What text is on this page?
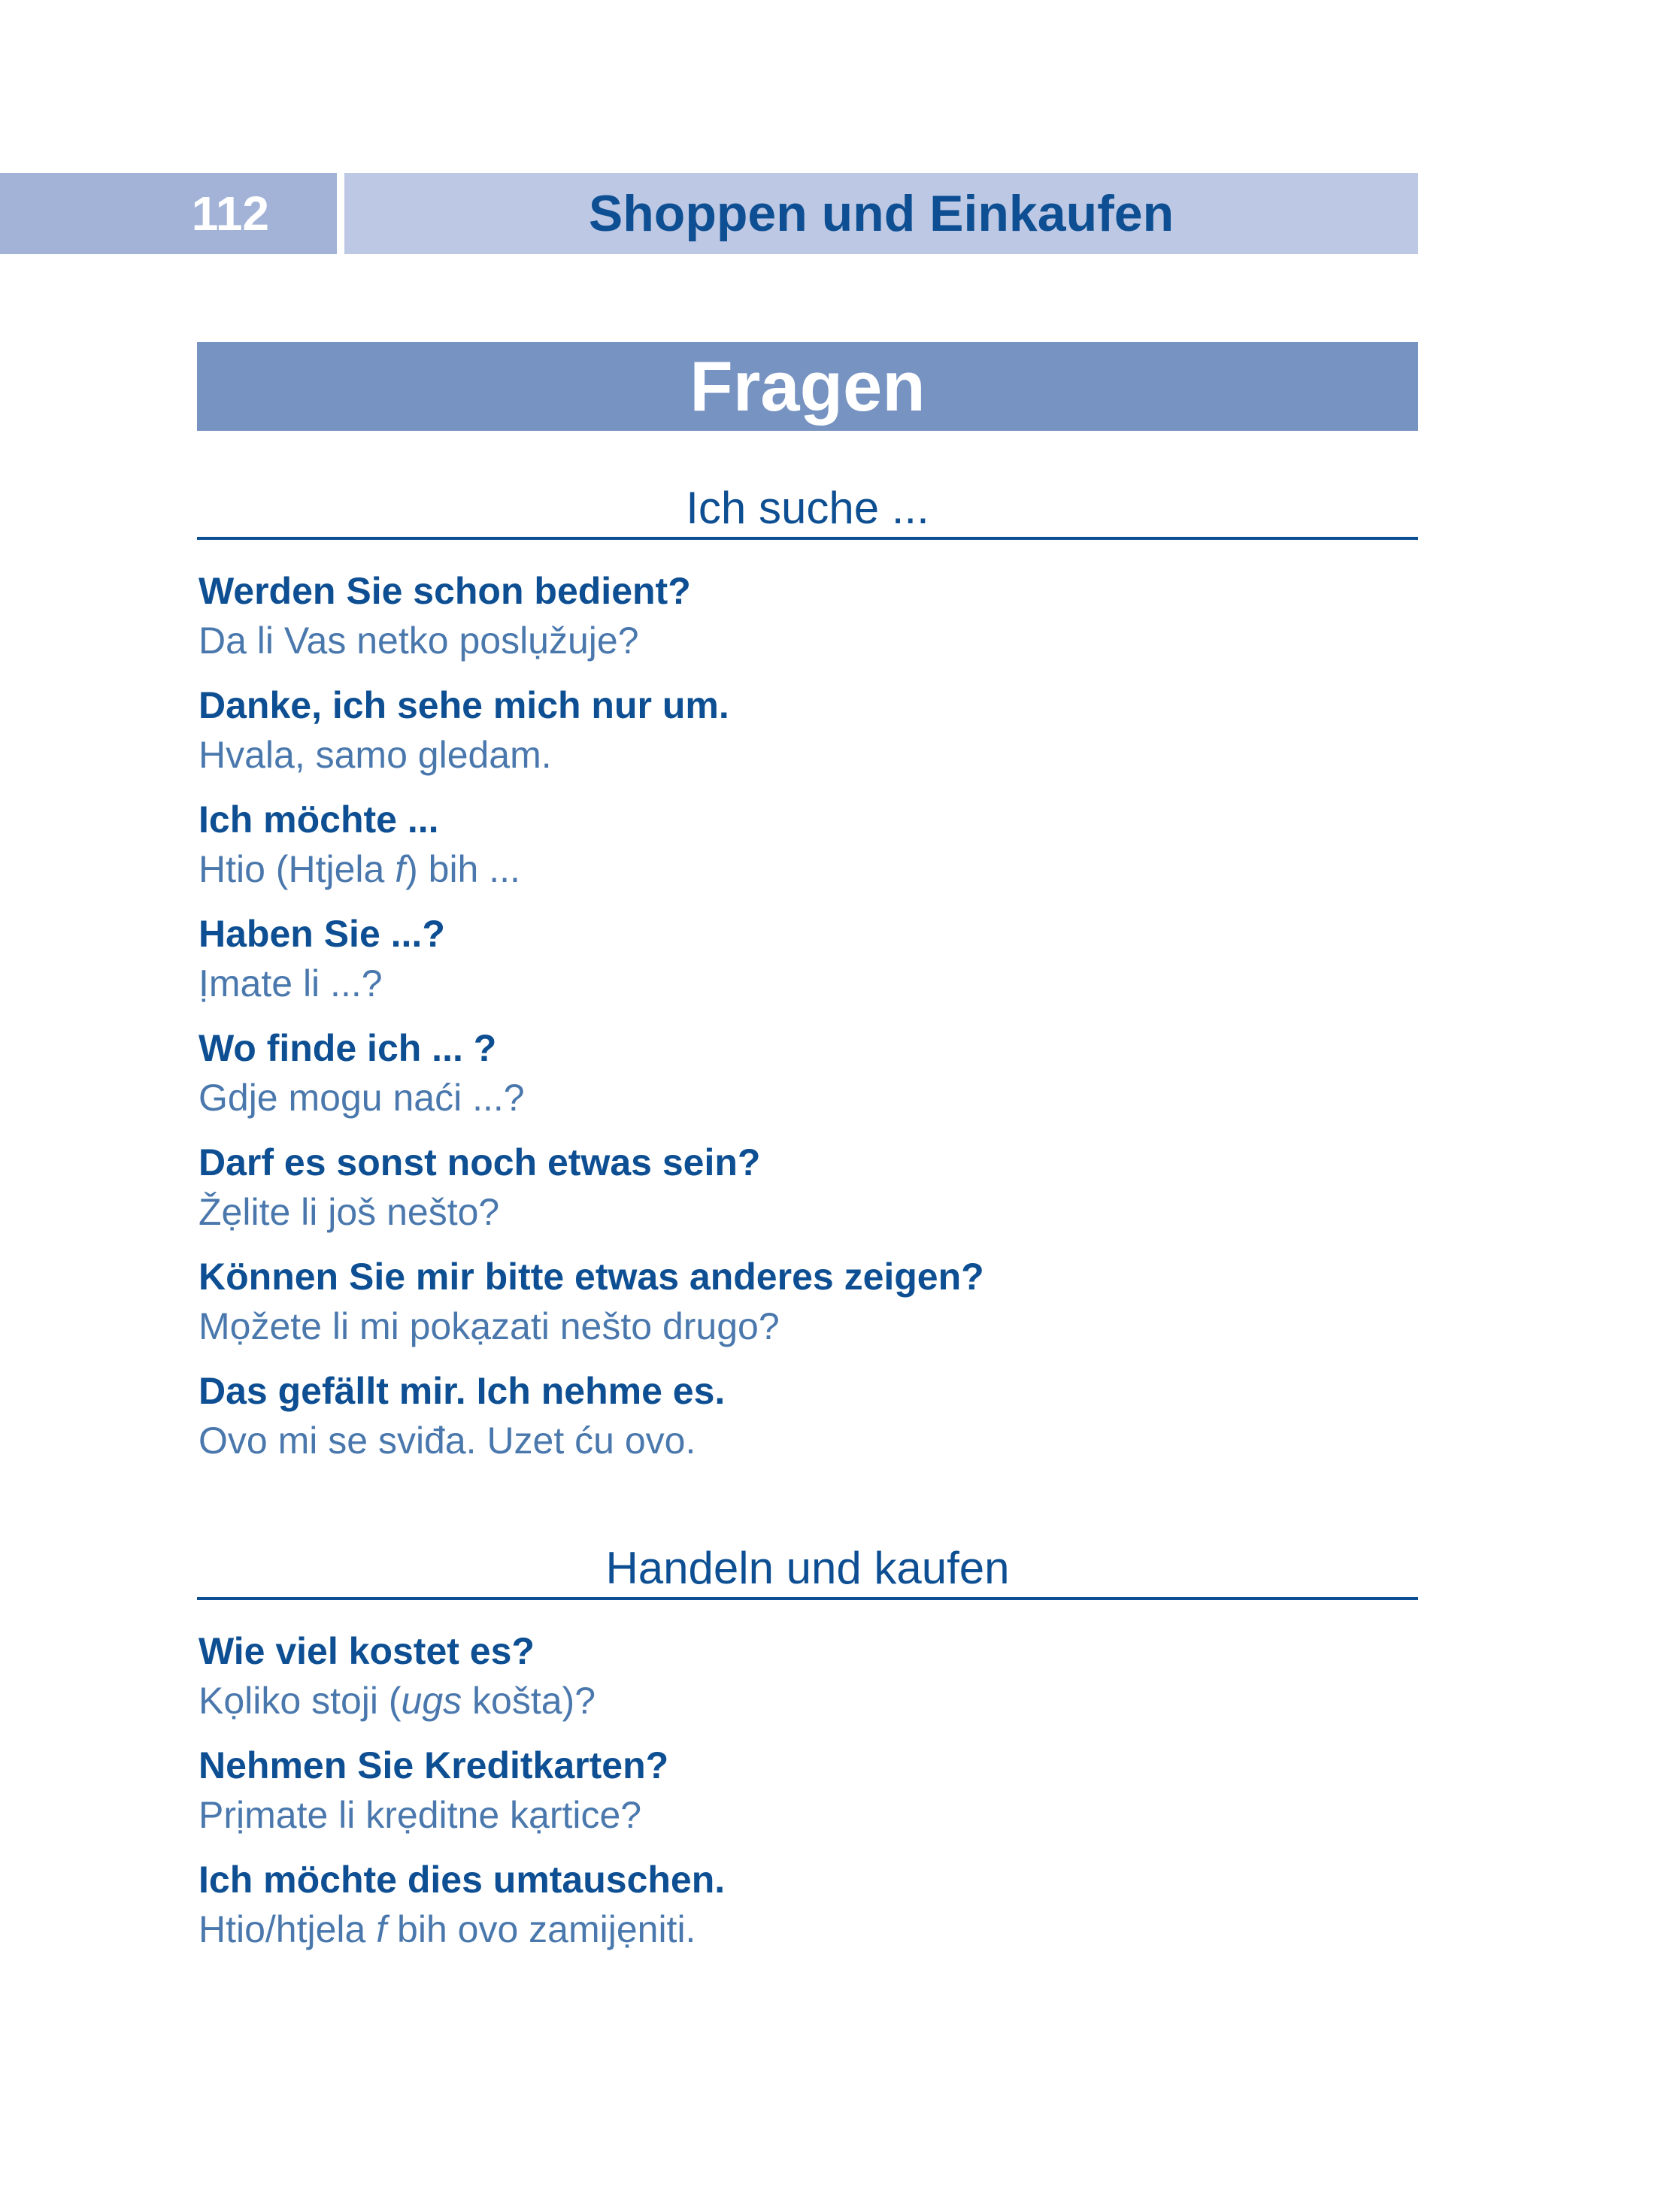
112	Shoppen und Einkaufen
Fragen
Ich suche ...
Werden Sie schon bedient?
Da li Vas netko poslụžuje?
Danke, ich sehe mich nur um.
Hvala, samo gledam.
Ich möchte ...
Htio (Htjela f) bih ...
Haben Sie ...?
Ịmate li ...?
Wo finde ich ... ?
Gdje mogu naći ...?
Darf es sonst noch etwas sein?
Žẹlite li još nešto?
Können Sie mir bitte etwas anderes zeigen?
Mọžete li mi pokạzati nešto drugo?
Das gefällt mir. Ich nehme es.
Ovo mi se sviđa. Uzet ću ovo.
Handeln und kaufen
Wie viel kostet es?
Kọliko stoji (ugs košta)?
Nehmen Sie Kreditkarten?
Prịmate li krẹditne kạrtice?
Ich möchte dies umtauschen.
Htio/htjela f bih ovo zamijẹniti.
